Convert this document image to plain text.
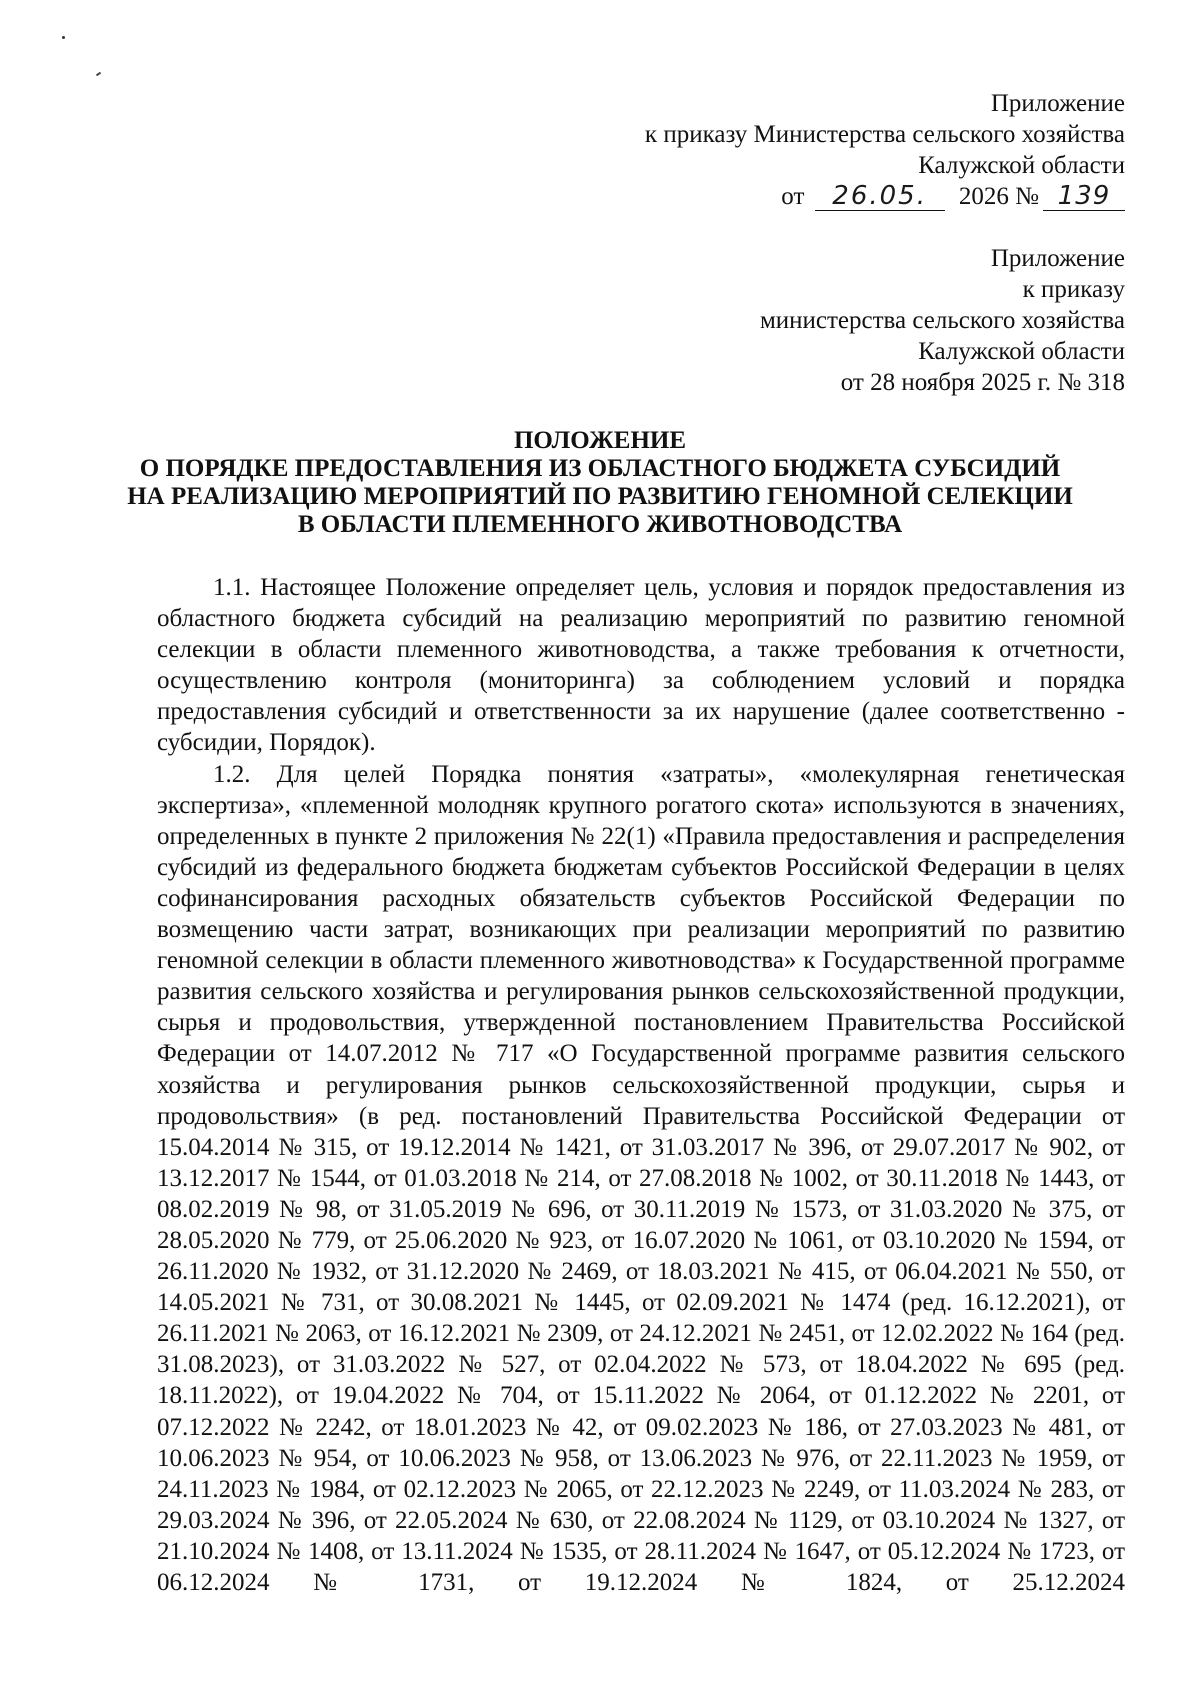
Приложение
к приказу Министерства сельского хозяйства
Калужской области
от 26.05. 2026 № 139
Приложение
к приказу
министерства сельского хозяйства
Калужской области
от 28 ноября 2025 г. № 318
ПОЛОЖЕНИЕ
О ПОРЯДКЕ ПРЕДОСТАВЛЕНИЯ ИЗ ОБЛАСТНОГО БЮДЖЕТА СУБСИДИЙ
НА РЕАЛИЗАЦИЮ МЕРОПРИЯТИЙ ПО РАЗВИТИЮ ГЕНОМНОЙ СЕЛЕКЦИИ
В ОБЛАСТИ ПЛЕМЕННОГО ЖИВОТНОВОДСТВА

1.1. Настоящее Положение определяет цель, условия и порядок предоставления из областного бюджета субсидий на реализацию мероприятий по развитию геномной селекции в области племенного животноводства, а также требования к отчетности, осуществлению контроля (мониторинга) за соблюдением условий и порядка предоставления субсидий и ответственности за их нарушение (далее соответственно - субсидии, Порядок).

1.2. Для целей Порядка понятия «затраты», «молекулярная генетическая экспертиза», «племенной молодняк крупного рогатого скота» используются в значениях, определенных в пункте 2 приложения № 22(1) «Правила предоставления и распределения субсидий из федерального бюджета бюджетам субъектов Российской Федерации в целях софинансирования расходных обязательств субъектов Российской Федерации по возмещению части затрат, возникающих при реализации мероприятий по развитию геномной селекции в области племенного животноводства» к Государственной программе развития сельского хозяйства и регулирования рынков сельскохозяйственной продукции, сырья и продовольствия, утвержденной постановлением Правительства Российской Федерации от 14.07.2012 № 717 «О Государственной программе развития сельского хозяйства и регулирования рынков сельскохозяйственной продукции, сырья и продовольствия» (в ред. постановлений Правительства Российской Федерации от 15.04.2014 № 315, от 19.12.2014 № 1421, от 31.03.2017 № 396, от 29.07.2017 № 902, от 13.12.2017 № 1544, от 01.03.2018 № 214, от 27.08.2018 № 1002, от 30.11.2018 № 1443, от 08.02.2019 № 98, от 31.05.2019 № 696, от 30.11.2019 № 1573, от 31.03.2020 № 375, от 28.05.2020 № 779, от 25.06.2020 № 923, от 16.07.2020 № 1061, от 03.10.2020 № 1594, от 26.11.2020 № 1932, от 31.12.2020 № 2469, от 18.03.2021 № 415, от 06.04.2021 № 550, от 14.05.2021 № 731, от 30.08.2021 № 1445, от 02.09.2021 № 1474 (ред. 16.12.2021), от 26.11.2021 № 2063, от 16.12.2021 № 2309, от 24.12.2021 № 2451, от 12.02.2022 № 164 (ред. 31.08.2023), от 31.03.2022 № 527, от 02.04.2022 № 573, от 18.04.2022 № 695 (ред. 18.11.2022), от 19.04.2022 № 704, от 15.11.2022 № 2064, от 01.12.2022 № 2201, от 07.12.2022 № 2242, от 18.01.2023 № 42, от 09.02.2023 № 186, от 27.03.2023 № 481, от 10.06.2023 № 954, от 10.06.2023 № 958, от 13.06.2023 № 976, от 22.11.2023 № 1959, от 24.11.2023 № 1984, от 02.12.2023 № 2065, от 22.12.2023 № 2249, от 11.03.2024 № 283, от 29.03.2024 № 396, от 22.05.2024 № 630, от 22.08.2024 № 1129, от 03.10.2024 № 1327, от 21.10.2024 № 1408, от 13.11.2024 № 1535, от 28.11.2024 № 1647, от 05.12.2024 № 1723, от 06.12.2024 № 1731, от 19.12.2024 № 1824, от 25.12.2024
